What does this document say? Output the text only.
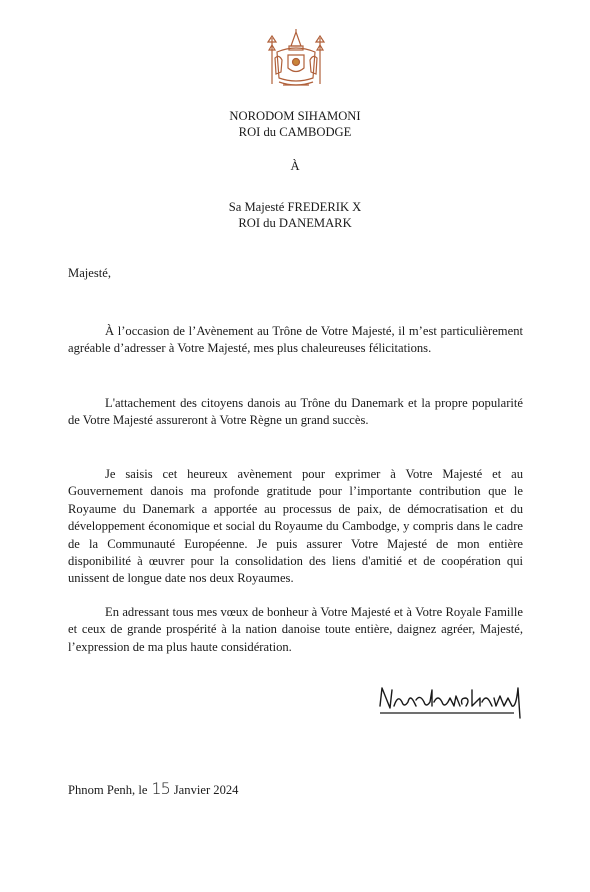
NORODOM SIHAMONI
ROI du CAMBODGE
À
Sa Majesté FREDERIK X
ROI du DANEMARK
Majesté,

À l’occasion de l’Avènement au Trône de Votre Majesté, il m’est particulièrement agréable d’adresser à Votre Majesté, mes plus chaleureuses félicitations.

L'attachement des citoyens danois au Trône du Danemark et la propre popularité de Votre Majesté assureront à Votre Règne un grand succès.

Je saisis cet heureux avènement pour exprimer à Votre Majesté et au Gouvernement danois ma profonde gratitude pour l’importante contribution que le Royaume du Danemark a apportée au processus de paix, de démocratisation et du développement économique et social du Royaume du Cambodge, y compris dans le cadre de la Communauté Européenne. Je puis assurer Votre Majesté de mon entière disponibilité à œuvrer pour la consolidation des liens d'amitié et de coopération qui unissent de longue date nos deux Royaumes.

En adressant tous mes vœux de bonheur à Votre Majesté et à Votre Royale Famille et ceux de grande prospérité à la nation danoise toute entière, daignez agréer, Majesté, l’expression de ma plus haute considération.

Phnom Penh, le 15 Janvier 2024
